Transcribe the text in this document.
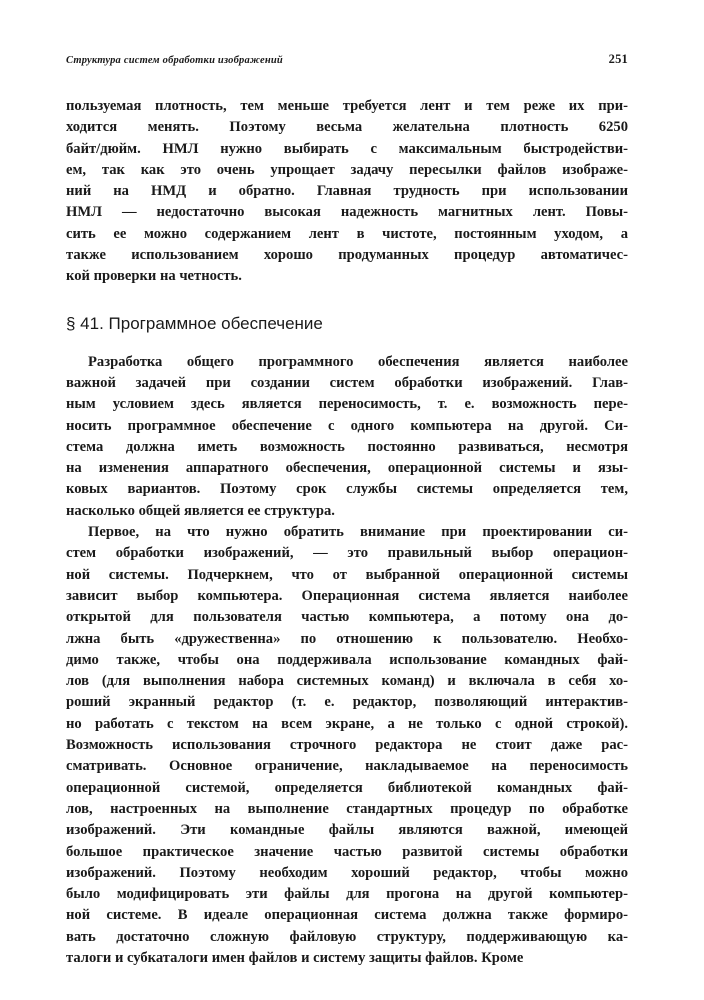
Структура систем обработки изображений	251
пользуемая плотность, тем меньше требуется лент и тем реже их при-
ходится менять. Поэтому весьма желательна плотность 6250
байт/дюйм. НМЛ нужно выбирать с максимальным быстродействи-
ем, так как это очень упрощает задачу пересылки файлов изображе-
ний на НМД и обратно. Главная трудность при использовании
НМЛ — недостаточно высокая надежность магнитных лент. Повы-
сить ее можно содержанием лент в чистоте, постоянным уходом, а
также использованием хорошо продуманных процедур автоматичес-
кой проверки на четность.
§ 41. Программное обеспечение
Разработка общего программного обеспечения является наиболее
важной задачей при создании систем обработки изображений. Глав-
ным условием здесь является переносимость, т. е. возможность пере-
носить программное обеспечение с одного компьютера на другой. Си-
стема должна иметь возможность постоянно развиваться, несмотря
на изменения аппаратного обеспечения, операционной системы и язы-
ковых вариантов. Поэтому срок службы системы определяется тем,
насколько общей является ее структура.
Первое, на что нужно обратить внимание при проектировании си-
стем обработки изображений, — это правильный выбор операцион-
ной системы. Подчеркнем, что от выбранной операционной системы
зависит выбор компьютера. Операционная система является наиболее
открытой для пользователя частью компьютера, а потому она до-
лжна быть «дружественна» по отношению к пользователю. Необхо-
димо также, чтобы она поддерживала использование командных фай-
лов (для выполнения набора системных команд) и включала в себя хо-
роший экранный редактор (т. е. редактор, позволяющий интерактив-
но работать с текстом на всем экране, а не только с одной строкой).
Возможность использования строчного редактора не стоит даже рас-
сматривать. Основное ограничение, накладываемое на переносимость
операционной системой, определяется библиотекой командных фай-
лов, настроенных на выполнение стандартных процедур по обработке
изображений. Эти командные файлы являются важной, имеющей
большое практическое значение частью развитой системы обработки
изображений. Поэтому необходим хороший редактор, чтобы можно
было модифицировать эти файлы для прогона на другой компьютер-
ной системе. В идеале операционная система должна также формиро-
вать достаточно сложную файловую структуру, поддерживающую ка-
талоги и субкаталоги имен файлов и систему защиты файлов. Кроме
